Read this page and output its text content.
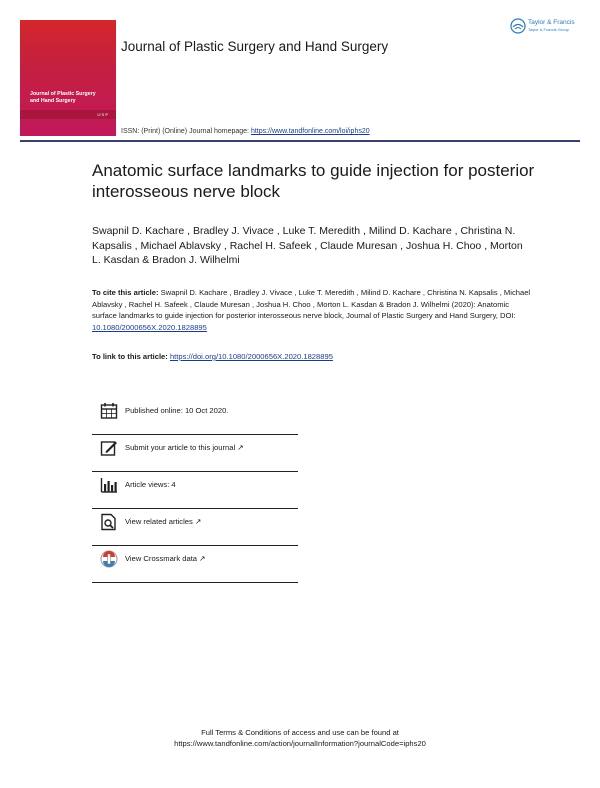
Journal of Plastic Surgery
and Hand Surgery
IJ S P
Journal of Plastic Surgery and Hand Surgery
Taylor & Francis
Taylor & Francis Group
ISSN: (Print) (Online) Journal homepage: https://www.tandfonline.com/loi/iphs20
Anatomic surface landmarks to guide injection for posterior interosseous nerve block
Swapnil D. Kachare , Bradley J. Vivace , Luke T. Meredith , Milind D. Kachare , Christina N. Kapsalis , Michael Ablavsky , Rachel H. Safeek , Claude Muresan , Joshua H. Choo , Morton L. Kasdan & Bradon J. Wilhelmi
To cite this article: Swapnil D. Kachare , Bradley J. Vivace , Luke T. Meredith , Milind D. Kachare , Christina N. Kapsalis , Michael Ablavsky , Rachel H. Safeek , Claude Muresan , Joshua H. Choo , Morton L. Kasdan & Bradon J. Wilhelmi (2020): Anatomic surface landmarks to guide injection for posterior interosseous nerve block, Journal of Plastic Surgery and Hand Surgery, DOI: 10.1080/2000656X.2020.1828895
To link to this article: https://doi.org/10.1080/2000656X.2020.1828895
Published online: 10 Oct 2020.
Submit your article to this journal ↗
Article views: 4
View related articles ↗
View Crossmark data ↗
Full Terms & Conditions of access and use can be found at
https://www.tandfonline.com/action/journalInformation?journalCode=iphs20
